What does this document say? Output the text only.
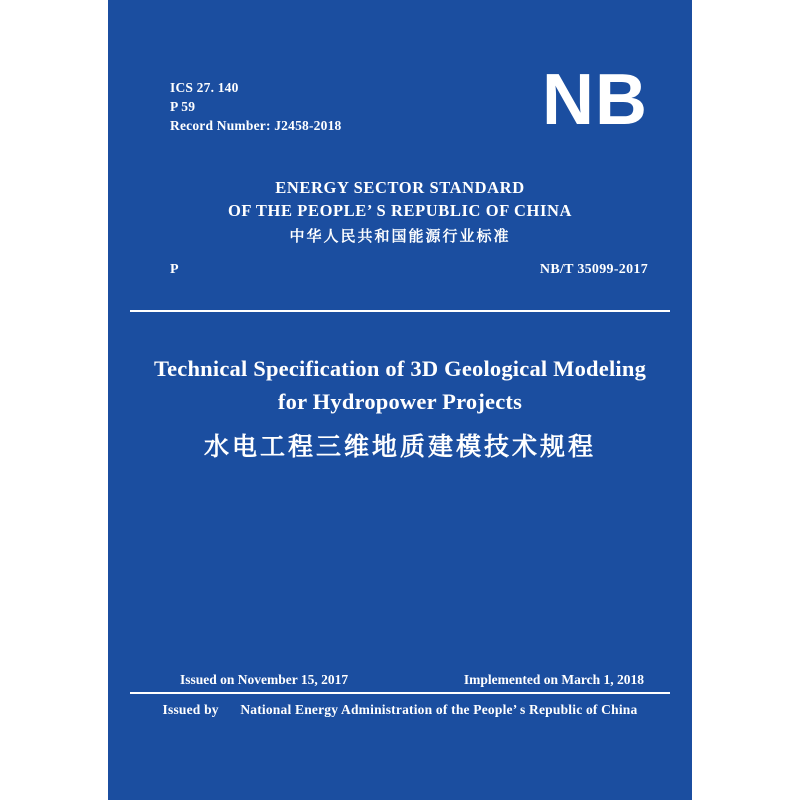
ICS 27. 140
P 59
Record Number: J2458-2018	NB
ENERGY SECTOR STANDARD
OF THE PEOPLE’ S REPUBLIC OF CHINA
中华人民共和国能源行业标准
P	NB/T 35099-2017
Technical Specification of 3D Geological Modeling
for Hydropower Projects
水电工程三维地质建模技术规程
Issued on November 15, 2017	Implemented on March 1, 2018
Issued by National Energy Administration of the People’ s Republic of China
